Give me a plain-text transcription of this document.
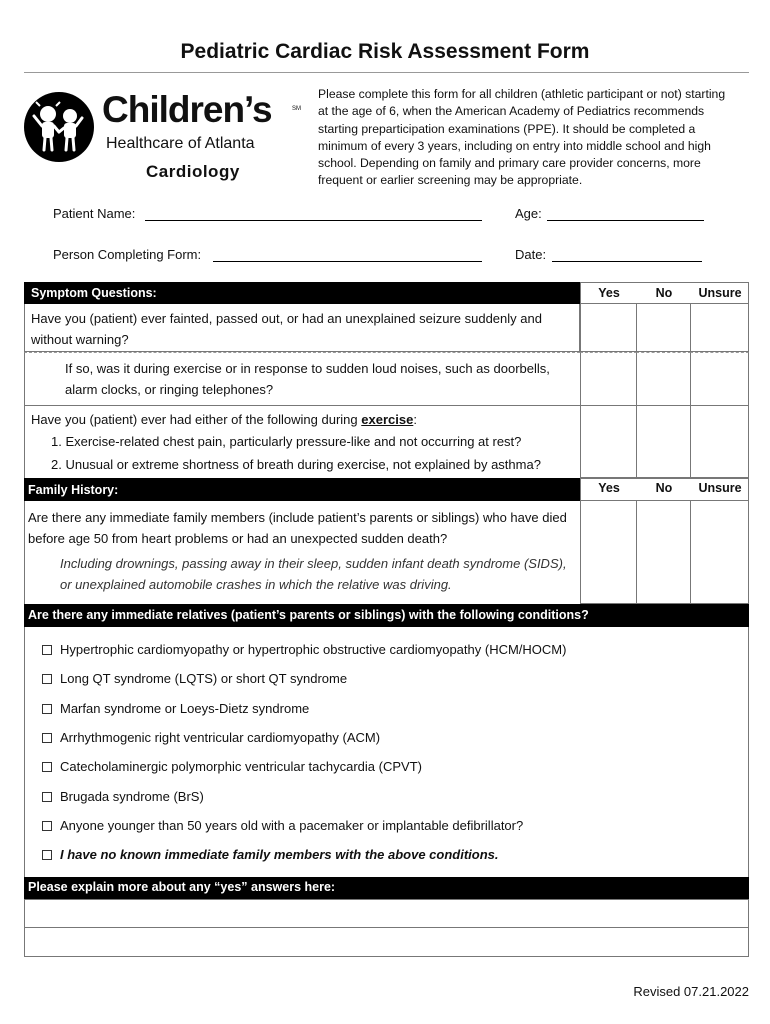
Pediatric Cardiac Risk Assessment Form
Children’s	SM
Healthcare of Atlanta
Cardiology
Please complete this form for all children (athletic participant or not) starting at the age of 6, when the American Academy of Pediatrics recommends starting preparticipation examinations (PPE). It should be completed a minimum of every 3 years, including on entry into middle school and high school. Depending on family and primary care provider concerns, more frequent or earlier screening may be appropriate.
Patient Name:	Age:
Person Completing Form:	Date:
Symptom Questions:	Yes	No	Unsure
Have you (patient) ever fainted, passed out, or had an unexplained seizure suddenly and without warning?
If so, was it during exercise or in response to sudden loud noises, such as doorbells, alarm clocks, or ringing telephones?
Have you (patient) ever had either of the following during exercise:
1. Exercise-related chest pain, particularly pressure-like and not occurring at rest?
2. Unusual or extreme shortness of breath during exercise, not explained by asthma?
Family History:	Yes	No	Unsure
Are there any immediate family members (include patient’s parents or siblings) who have died before age 50 from heart problems or had an unexpected sudden death?
Including drownings, passing away in their sleep, sudden infant death syndrome (SIDS), or unexplained automobile crashes in which the relative was driving.
Are there any immediate relatives (patient’s parents or siblings) with the following conditions?
Hypertrophic cardiomyopathy or hypertrophic obstructive cardiomyopathy (HCM/HOCM)
Long QT syndrome (LQTS) or short QT syndrome
Marfan syndrome or Loeys-Dietz syndrome
Arrhythmogenic right ventricular cardiomyopathy (ACM)
Catecholaminergic polymorphic ventricular tachycardia (CPVT)
Brugada syndrome (BrS)
Anyone younger than 50 years old with a pacemaker or implantable defibrillator?
I have no known immediate family members with the above conditions.
Please explain more about any “yes” answers here:
Revised 07.21.2022
